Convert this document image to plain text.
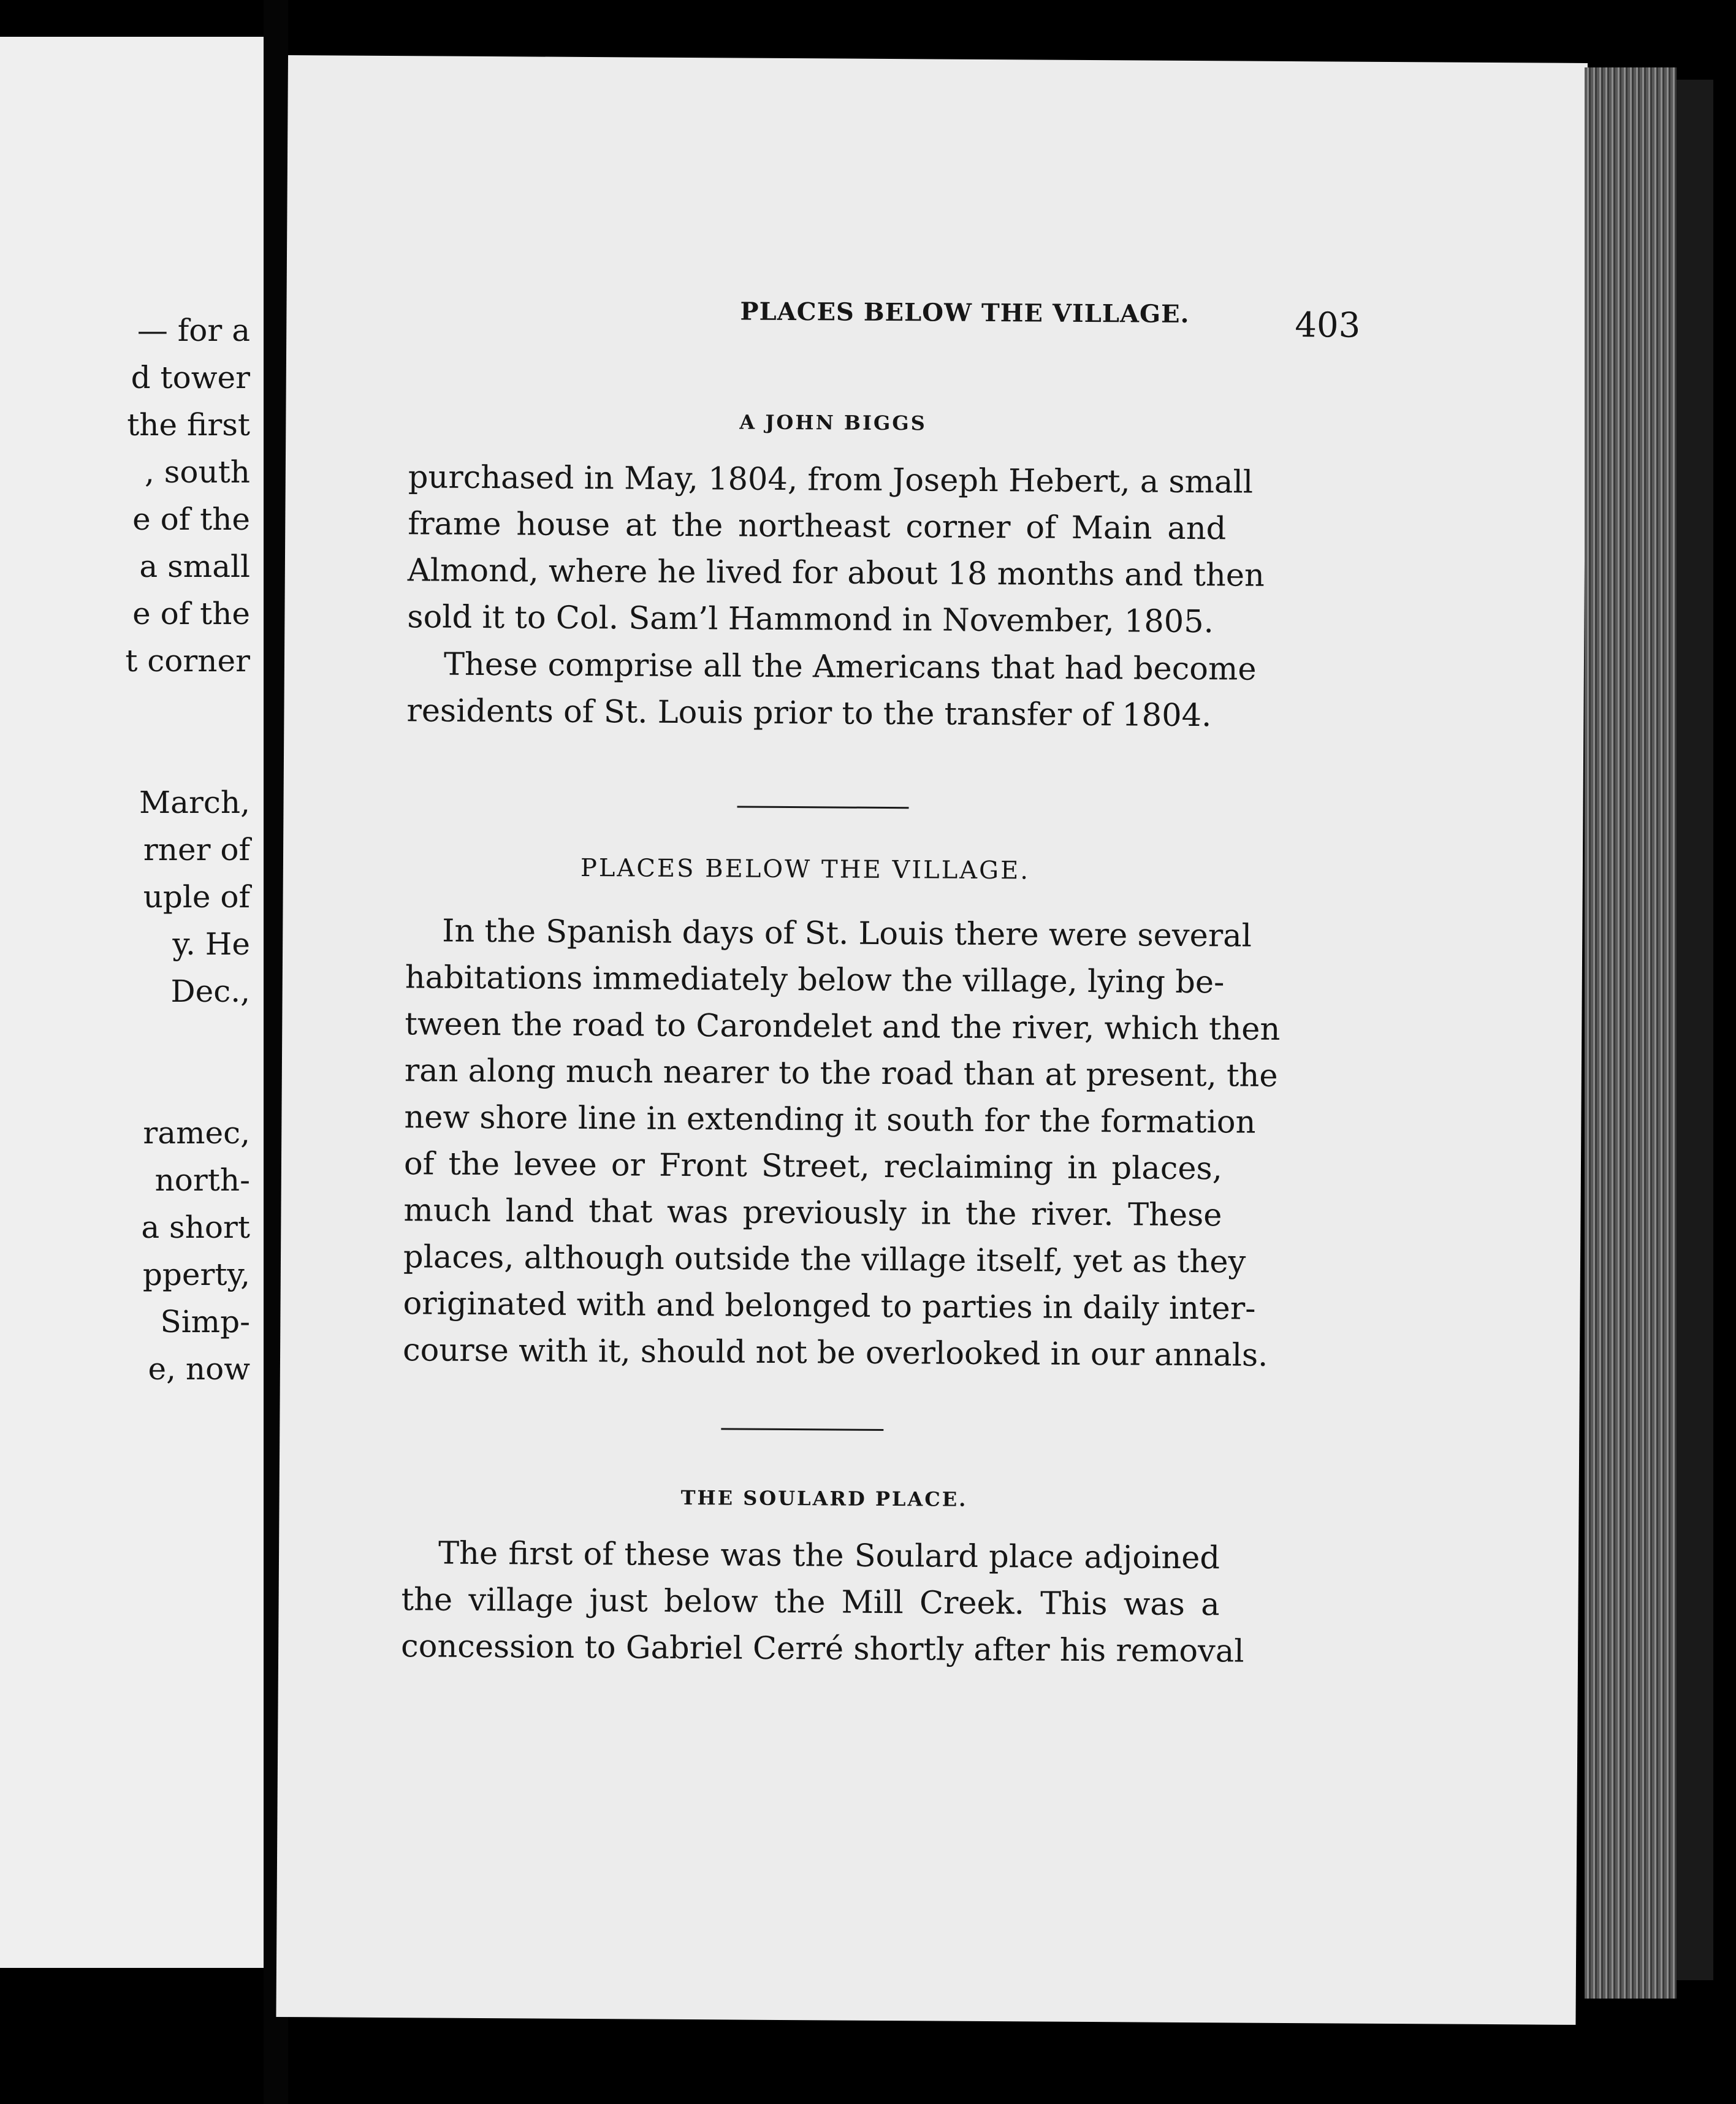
— for a
d tower
the first
, south
e of the
a small
e of the
t corner
March,
rner of
uple of
y. He
Dec.,
ramec,
north-
a short
pperty,
Simp-
e, now
PLACES BELOW THE VILLAGE.	403
A JOHN BIGGS
purchased in May, 1804, from Joseph Hebert, a small
frame house at the northeast corner of Main and
Almond, where he lived for about 18 months and then
sold it to Col. Sam’l Hammond in November, 1805.
These comprise all the Americans that had become
residents of St. Louis prior to the transfer of 1804.
PLACES BELOW THE VILLAGE.
In the Spanish days of St. Louis there were several
habitations immediately below the village, lying be-
tween the road to Carondelet and the river, which then
ran along much nearer to the road than at present, the
new shore line in extending it south for the formation
of the levee or Front Street, reclaiming in places,
much land that was previously in the river. These
places, although outside the village itself, yet as they
originated with and belonged to parties in daily inter-
course with it, should not be overlooked in our annals.
THE SOULARD PLACE.
The first of these was the Soulard place adjoined
the village just below the Mill Creek. This was a
concession to Gabriel Cerré shortly after his removal
